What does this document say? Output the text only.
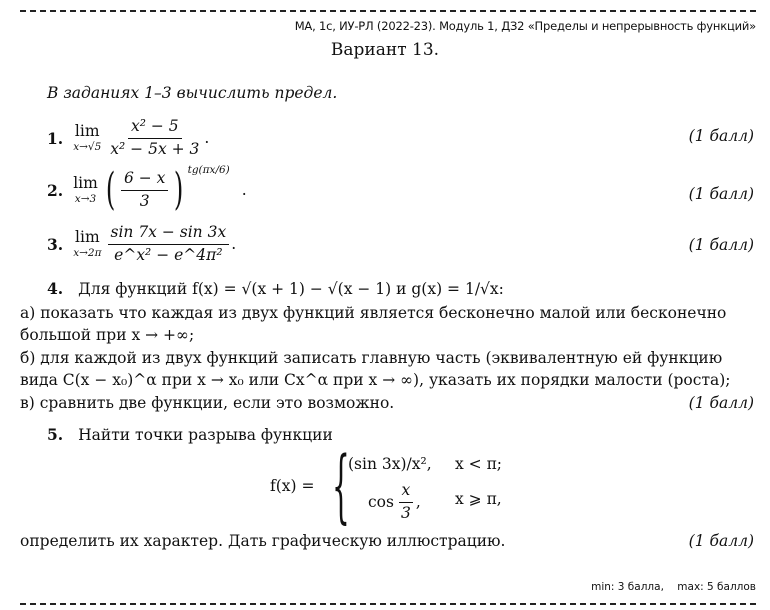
МА, 1с, ИУ-РЛ (2022-23). Модуль 1, ДЗ2 «Пределы и непрерывность функций»
Вариант 13.
В заданиях 1–3 вычислить предел.
1. lim
$x\to√5 \frac{\text{x² − 5}}{\text{x² − 5x + 3}}$ .	(1 балл)
2. lim
x→3 ( $\frac{6 - x}{3}$ ) tg(πx/6)
.	(1 балл)
3. lim
$x\to 2\pi \frac{\sin 7x - \sin 3x}{\text{e\textasciicircum{}x² − e\textasciicircum{}4π²}}$ .	(1 балл)
4. Для функций f(x) = √(x + 1) − √(x − 1) и g(x) = 1/√x:
а) показать что каждая из двух функций является бесконечно малой или бесконечно
большой при x → +∞;
б) для каждой из двух функций записать главную часть (эквивалентную ей функцию
вида C(x − x₀)^α при x → x₀ или Cx^α при x → ∞), указать их порядки малости (роста);
в) сравнить две функции, если это возможно.	(1 балл)
5. Найти точки разрыва функции
f(x) = {
(sin 3x)/x², x < π;
$\cos \frac{x}{3}$ , x ⩾ π,
определить их характер. Дать графическую иллюстрацию.	(1 балл)
min: 3 балла, max: 5 баллов
